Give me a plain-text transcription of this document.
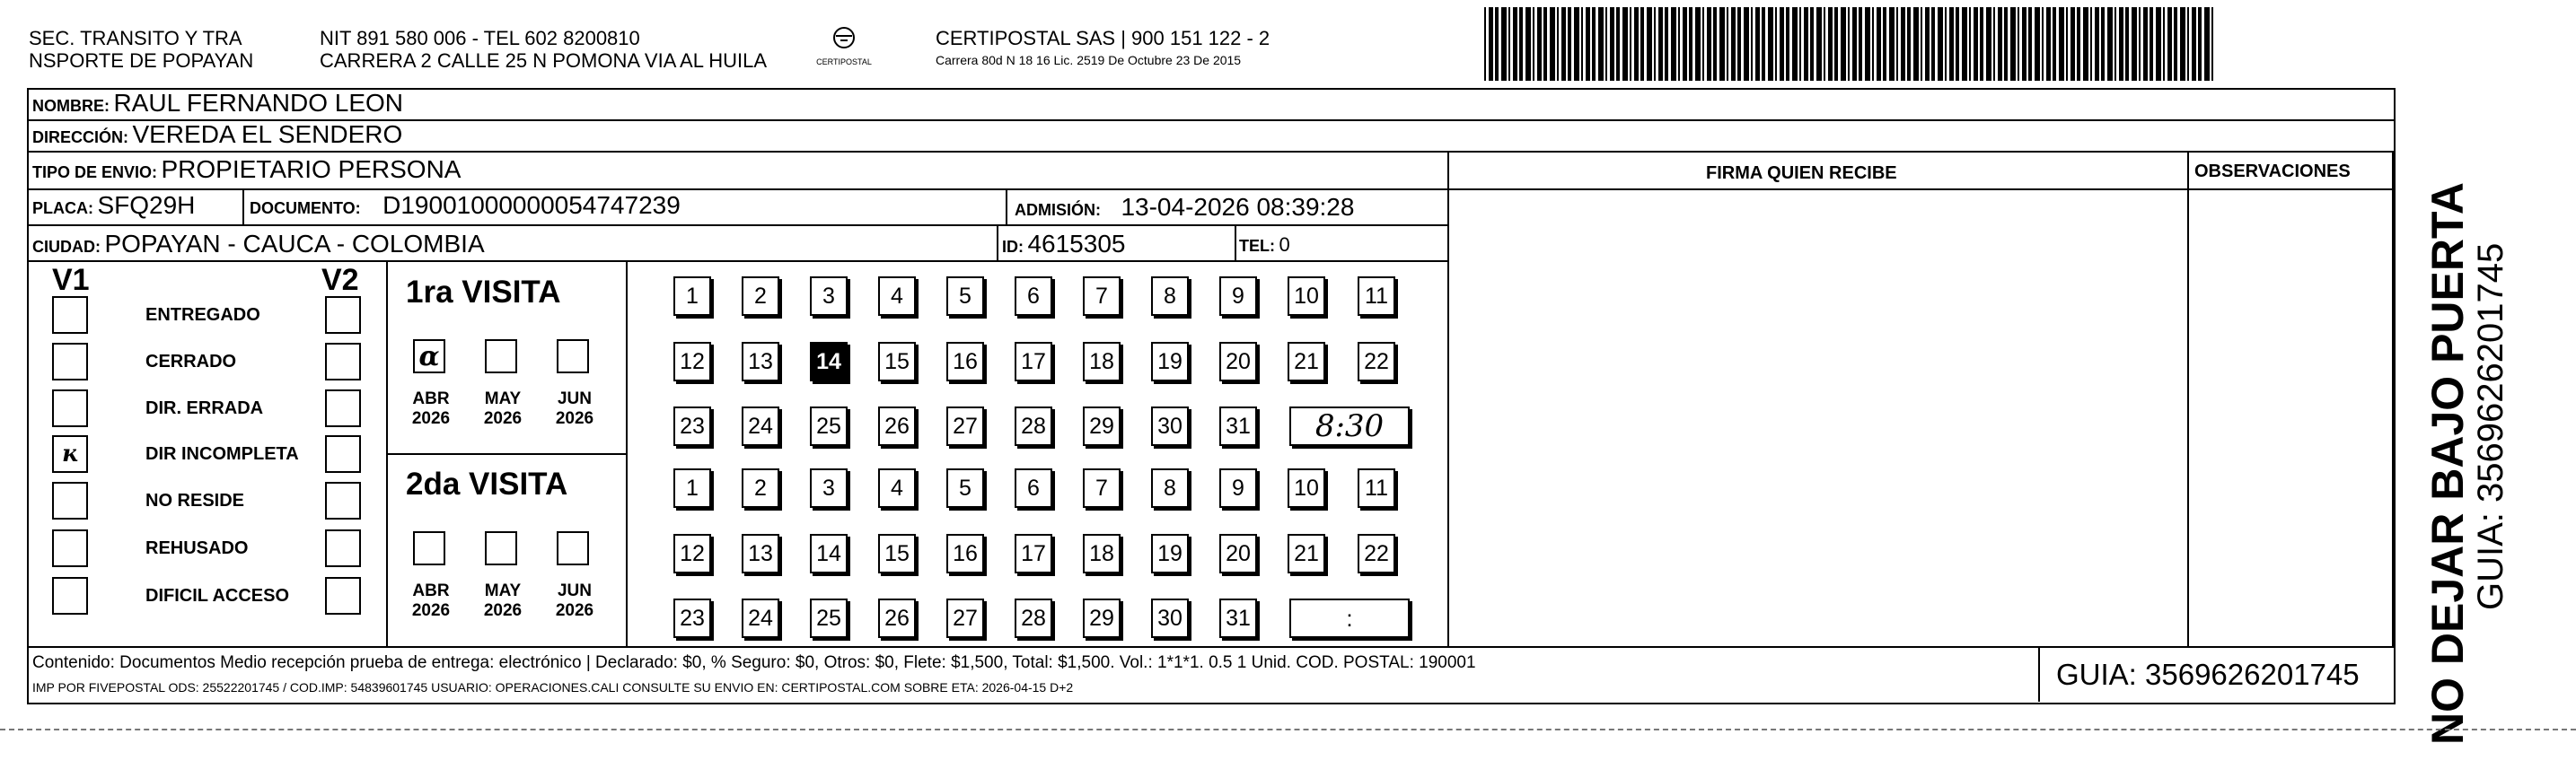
SEC. TRANSITO Y TRA
NSPORTE DE POPAYAN
NIT 891 580 006 - TEL 602 8200810
CARRERA 2 CALLE 25 N POMONA VIA AL HUILA	CERTIPOSTAL
CERTIPOSTAL SAS | 900 151 122 - 2
Carrera 80d N 18 16 Lic. 2519 De Octubre 23 De 2015
NOMBRE: RAUL FERNANDO LEON
DIRECCIÓN: VEREDA EL SENDERO
TIPO DE ENVIO: PROPIETARIO PERSONA	FIRMA QUIEN RECIBE	OBSERVACIONES
PLACA: SFQ29H	DOCUMENTO: D19001000000054747239	ADMISIÓN: 13-04-2026 08:39:28
CIUDAD: POPAYAN - CAUCA - COLOMBIA	ID: 4615305	TEL: 0
V1	V2
ENTREGADO
CERRADO
DIR. ERRADA
ĸ	DIR INCOMPLETA
NO RESIDE
REHUSADO
DIFICIL ACCESO
1ra VISITA
α
ABR
2026
MAY
2026
JUN
2026
1	2	3	4	5	6	7	8	9	10	11
12 13 14 15 16 17 18 19 20 21 22
23 24 25 26 27 28 29 30 31	8:30
2da VISITA
ABR
2026
MAY
2026
JUN
2026
1	2	3	4	5	6	7	8	9	10	11
12 13 14 15 16 17 18 19 20 21 22
23 24 25 26 27 28 29 30 31	:
Contenido: Documentos Medio recepción prueba de entrega: electrónico | Declarado: $0, % Seguro: $0, Otros: $0, Flete: $1,500, Total: $1,500. Vol.: 1*1*1. 0.5 1 Unid. COD. POSTAL: 190001
IMP POR FIVEPOSTAL ODS: 25522201745 / COD.IMP: 54839601745 USUARIO: OPERACIONES.CALI CONSULTE SU ENVIO EN: CERTIPOSTAL.COM SOBRE ETA: 2026-04-15 D+2	GUIA: 3569626201745 NO DEJAR BAJO PUERTA
GUIA: 3569626201745
